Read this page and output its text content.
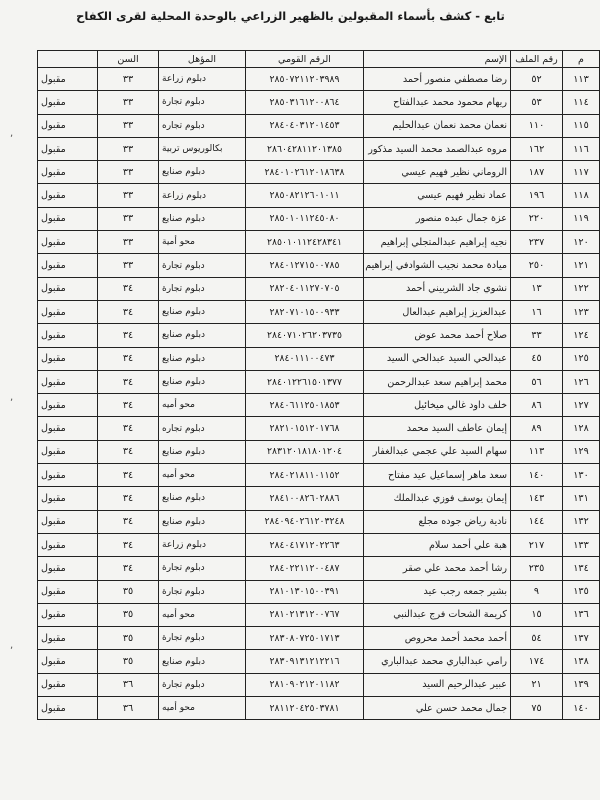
تابع - كشف بأسماء المقبولين بالظهير الزراعي بالوحدة المحلية لقرى الكفاح
,
,
,
م	رقم الملف	الإسم	الرقم القومي	المؤهل	السن	
١١٣	٥٢	رضا مصطفي منصور أحمد	٢٨٥٠٧٢١١٢٠٣٩٨٩	دبلوم زراعة	٣٣	مقبول
١١٤	٥٣	ريهام محمود محمد عبدالفتاح	٢٨٥٠٣١٦١٢٠٠٨٦٤	دبلوم تجارة	٣٣	مقبول
١١٥	١١٠	نعمان محمد نعمان عبدالحليم	٢٨٤٠٤٠٣١٢٠١٤٥٣	دبلوم تجاره	٣٣	مقبول
١١٦	١٦٢	مروه عبدالصمد محمد السيد مذكور	٢٨٦٠٤٢٨١١٢٠١٣٨٥	بكالوريوس تربية	٣٣	مقبول
١١٧	١٨٧	الروماني نظير فهيم عيسي	٢٨٤٠١٠٢٦١٢٠١٨٦٣٨	دبلوم صنايع	٣٣	مقبول
١١٨	١٩٦	عماد نظير فهيم عيسي	٢٨٥٠٨٢١٢٦٠١٠١١	دبلوم زراعة	٣٣	مقبول
١١٩	٢٢٠	عزة جمال عبده منصور	٢٨٥٠١٠١١٢٤٥٠٨٠	دبلوم صنايع	٣٣	مقبول
١٢٠	٢٣٧	نجيه إبراهيم عبدالمتجلي إبراهيم	٢٨٥٠١٠١١٢٤٢٨٣٤١	محو أمية	٣٣	مقبول
١٢١	٢٥٠	ميادة محمد نجيب الشوادفي إبراهيم	٢٨٤٠١٢٧١٥٠٠٧٨٥	دبلوم تجارة	٣٣	مقبول
١٢٢	١٣	نشوي جاد الشربيني أحمد	٢٨٢٠٤٠١١٢٧٠٧٠٥	دبلوم تجارة	٣٤	مقبول
١٢٣	١٦	عبدالعزيز إبراهيم عبدالعال	٢٨٢٠٧١٠١٥٠٠٩٣٣	دبلوم صنايع	٣٤	مقبول
١٢٤	٣٣	صلاح أحمد محمد عوض	٢٨٤٠٧١٠٢٦٢٠٣٧٣٥	دبلوم صنايع	٣٤	مقبول
١٢٥	٤٥	عبدالحي السيد عبدالحي السيد	٢٨٤٠١١١٠٠٤٧٣	دبلوم صنايع	٣٤	مقبول
١٢٦	٥٦	محمد إبراهيم سعد عبدالرحمن	٢٨٤٠١٢٢٦١٥٠١٣٧٧	دبلوم صنايع	٣٤	مقبول
١٢٧	٨٦	خلف داود غالي ميخائيل	٢٨٤٠٦١١٢٥٠١٨٥٣	محو أميه	٣٤	مقبول
١٢٨	٨٩	إيمان عاطف السيد محمد	٢٨٢١٠١٥١٢٠١٧٦٨	دبلوم تجاره	٣٤	مقبول
١٢٩	١١٣	سهام السيد علي عجمي عبدالغفار	٢٨٣١٢٠١٨١٨٠١٢٠٤	دبلوم صنايع	٣٤	مقبول
١٣٠	١٤٠	سعد ماهر إسماعيل عيد مفتاح	٢٨٤٠٢١٨١١٠١١٥٢	محو أميه	٣٤	مقبول
١٣١	١٤٣	إيمان يوسف فوزي عبدالملك	٢٨٤١٠٠٨٢٦٠٢٨٨٦	دبلوم صنايع	٣٤	مقبول
١٣٢	١٤٤	نادية رياض جوده مجلع	٢٨٤٠٩٤٠٢٦١٢٠٣٢٤٨	دبلوم صنايع	٣٤	مقبول
١٣٣	٢١٧	هبة علي أحمد سلام	٢٨٤٠٤١٧١٢٠٢٢٦٣	دبلوم زراعة	٣٤	مقبول
١٣٤	٢٣٥	رشا أحمد محمد علي صقر	٢٨٤٠٢٢١١٢٠٠٤٨٧	دبلوم تجارة	٣٤	مقبول
١٣٥	٩	بشير جمعه رجب عيد	٢٨١٠١٣٠١٥٠٠٣٩١	دبلوم تجارة	٣٥	مقبول
١٣٦	١٥	كريمة الشحات فرج عبدالنبي	٢٨١٠٢١٣١٢٠٠٧٦٧	محو أميه	٣٥	مقبول
١٣٧	٥٤	أحمد محمد أحمد محروص	٢٨٣٠٨٠٧٢٥٠١٧١٣	دبلوم تجارة	٣٥	مقبول
١٣٨	١٧٤	رامي عبدالباري محمد عبدالباري	٢٨٣٠٩١٣١٢١٢٢١٦	دبلوم صنايع	٣٥	مقبول
١٣٩	٢١	عبير عبدالرحيم السيد	٢٨١٠٩٠٢١٢٠١١٨٢	دبلوم تجارة	٣٦	مقبول
١٤٠	٧٥	جمال محمد حسن علي	٢٨١١٢٠٤٢٥٠٣٧٨١	محو أميه	٣٦	مقبول
